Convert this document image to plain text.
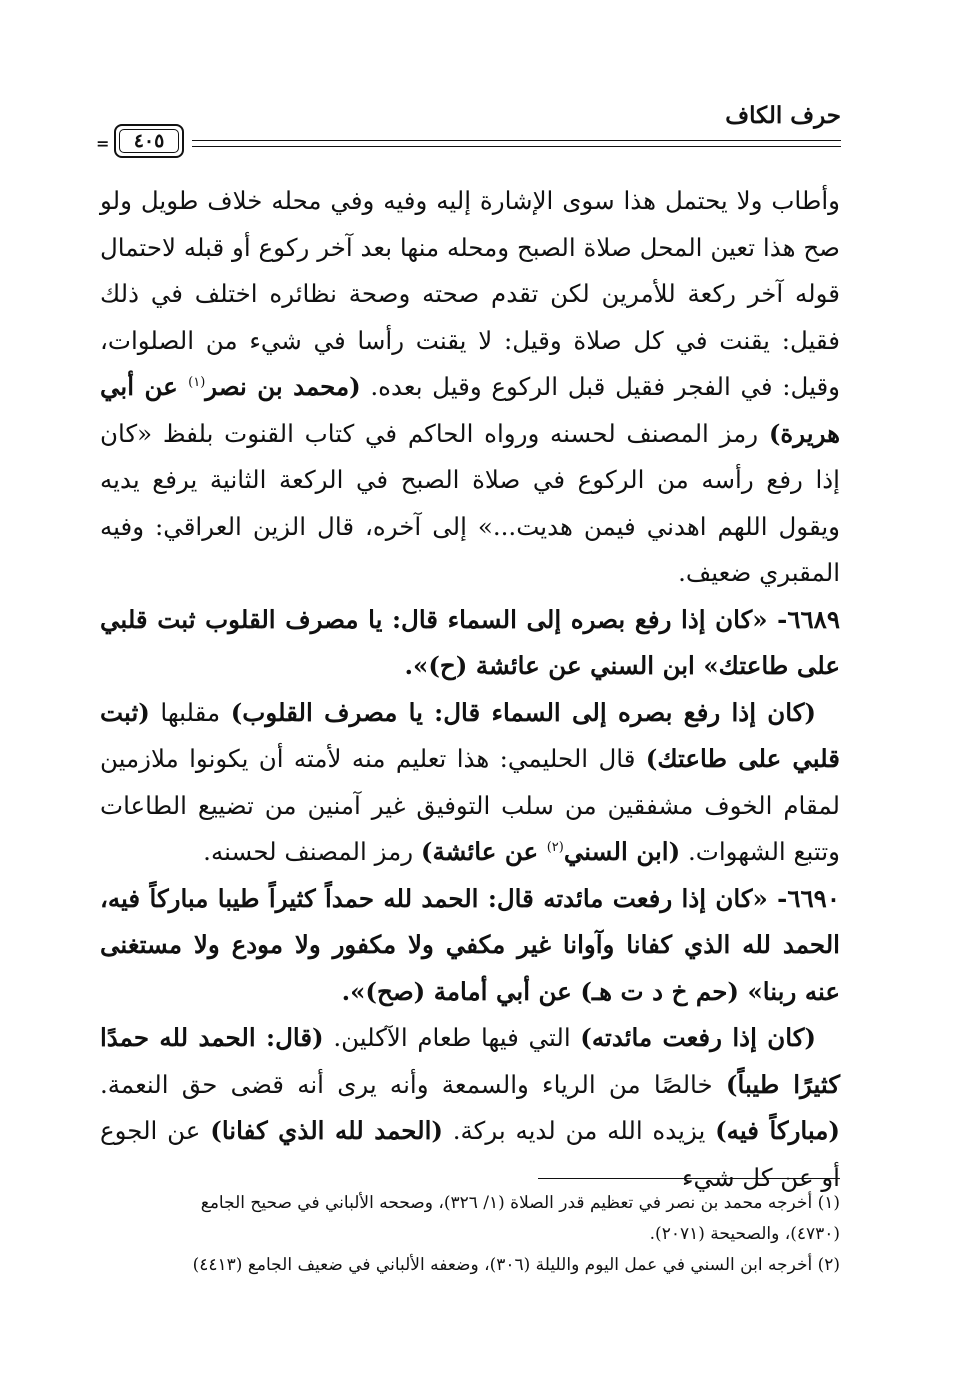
حرف الكاف
= ٤٠٥

وأطاب ولا يحتمل هذا سوى الإشارة إليه وفيه وفي محله خلاف طويل ولو صح هذا تعين المحل صلاة الصبح ومحله منها بعد آخر ركوع أو قبله لاحتمال قوله آخر ركعة للأمرين لكن تقدم صحته وصحة نظائره اختلف في ذلك فقيل: يقنت في كل صلاة وقيل: لا يقنت رأسا في شيء من الصلوات، وقيل: في الفجر فقيل قبل الركوع وقيل بعده. (محمد بن نصر$^{(١)}$ عن أبي هريرة) رمز المصنف لحسنه ورواه الحاكم في كتاب القنوت بلفظ «كان إذا رفع رأسه من الركوع في صلاة الصبح في الركعة الثانية يرفع يديه ويقول اللهم اهدني فيمن هديت...» إلى آخره، قال الزين العراقي: وفيه المقبري ضعيف.

٦٦٨٩- «كان إذا رفع بصره إلى السماء قال: يا مصرف القلوب ثبت قلبي على طاعتك» ابن السني عن عائشة (ح)».

(كان إذا رفع بصره إلى السماء قال: يا مصرف القلوب) مقلبها (ثبت قلبي على طاعتك) قال الحليمي: هذا تعليم منه لأمته أن يكونوا ملازمين لمقام الخوف مشفقين من سلب التوفيق غير آمنين من تضييع الطاعات وتتبع الشهوات. (ابن السني$^{(٢)}$ عن عائشة) رمز المصنف لحسنه.

٦٦٩٠- «كان إذا رفعت مائدته قال: الحمد لله حمداً كثيراً طيبا مباركاً فيه، الحمد لله الذي كفانا وآوانا غير مكفي ولا مكفور ولا مودع ولا مستغنى عنه ربنا» (حم خ د ت هـ) عن أبي أمامة (صح)».

(كان إذا رفعت مائدته) التي فيها طعام الآكلين. (قال: الحمد لله حمدًا كثيرًا طيباً) خالصًا من الرياء والسمعة وأنه يرى أنه قضى حق النعمة. (مباركاً فيه) يزيده الله من لديه بركة. (الحمد لله الذي كفانا) عن الجوع أو عن كل شيء

(١) أخرجه محمد بن نصر في تعظيم قدر الصلاة (١/ ٣٢٦)، وصححه الألباني في صحيح الجامع
(٤٧٣٠)، والصحيحة (٢٠٧١).

(٢) أخرجه ابن السني في عمل اليوم والليلة (٣٠٦)، وضعفه الألباني في ضعيف الجامع (٤٤١٣)
